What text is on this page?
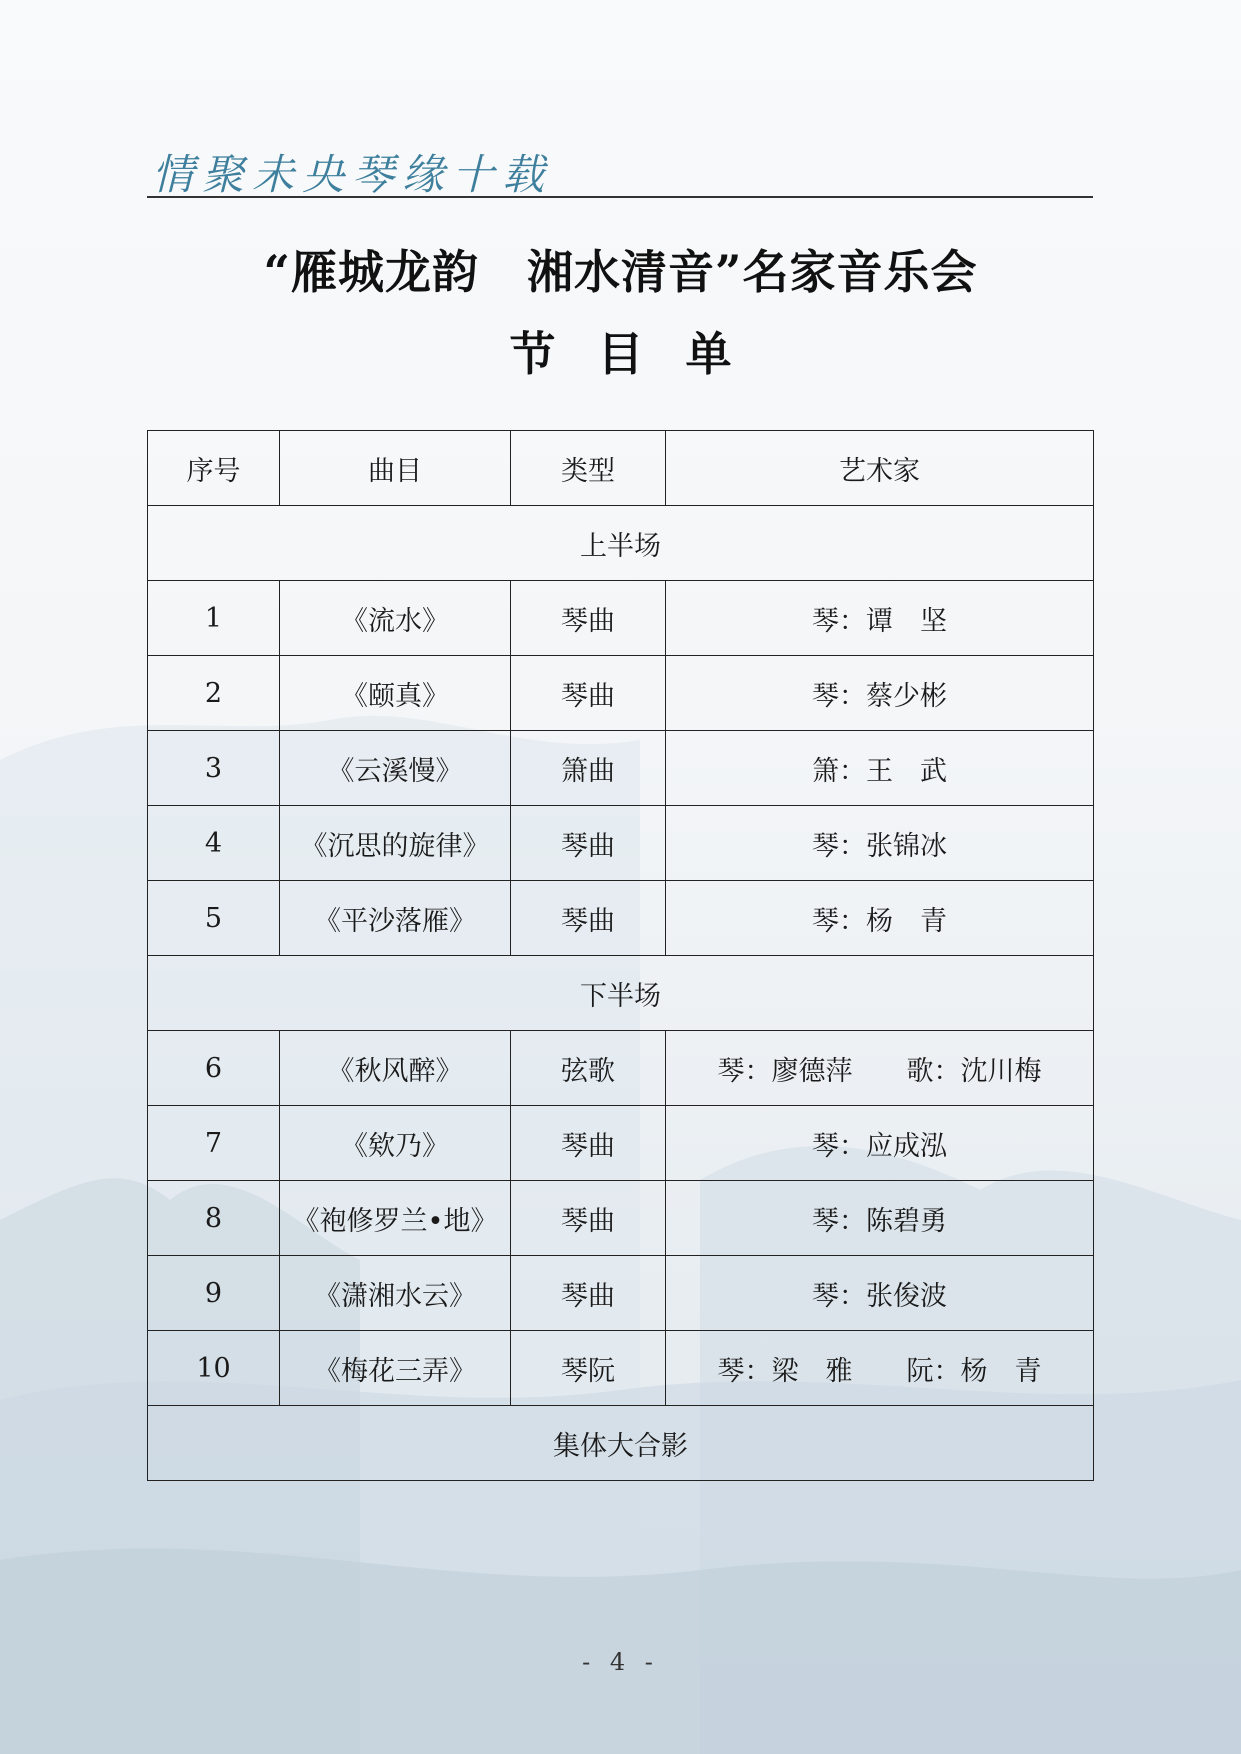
情聚未央琴缘十载
“雁城龙韵 湘水清音”名家音乐会
节目单
序号	曲目	类型	艺术家
上半场			
1	《流水》	琴曲	琴：谭　坚
2	《颐真》	琴曲	琴：蔡少彬
3	《云溪慢》	箫曲	箫：王　武
4	《沉思的旋律》	琴曲	琴：张锦冰
5	《平沙落雁》	琴曲	琴：杨　青
下半场			
6	《秋风醉》	弦歌	琴：廖德萍　　歌：沈川梅
7	《欸乃》	琴曲	琴：应成泓
8	《袍修罗兰•地》	琴曲	琴：陈碧勇
9	《潇湘水云》	琴曲	琴：张俊波
10	《梅花三弄》	琴阮	琴：梁　雅　　阮：杨　青
集体大合影			
- 4 -
